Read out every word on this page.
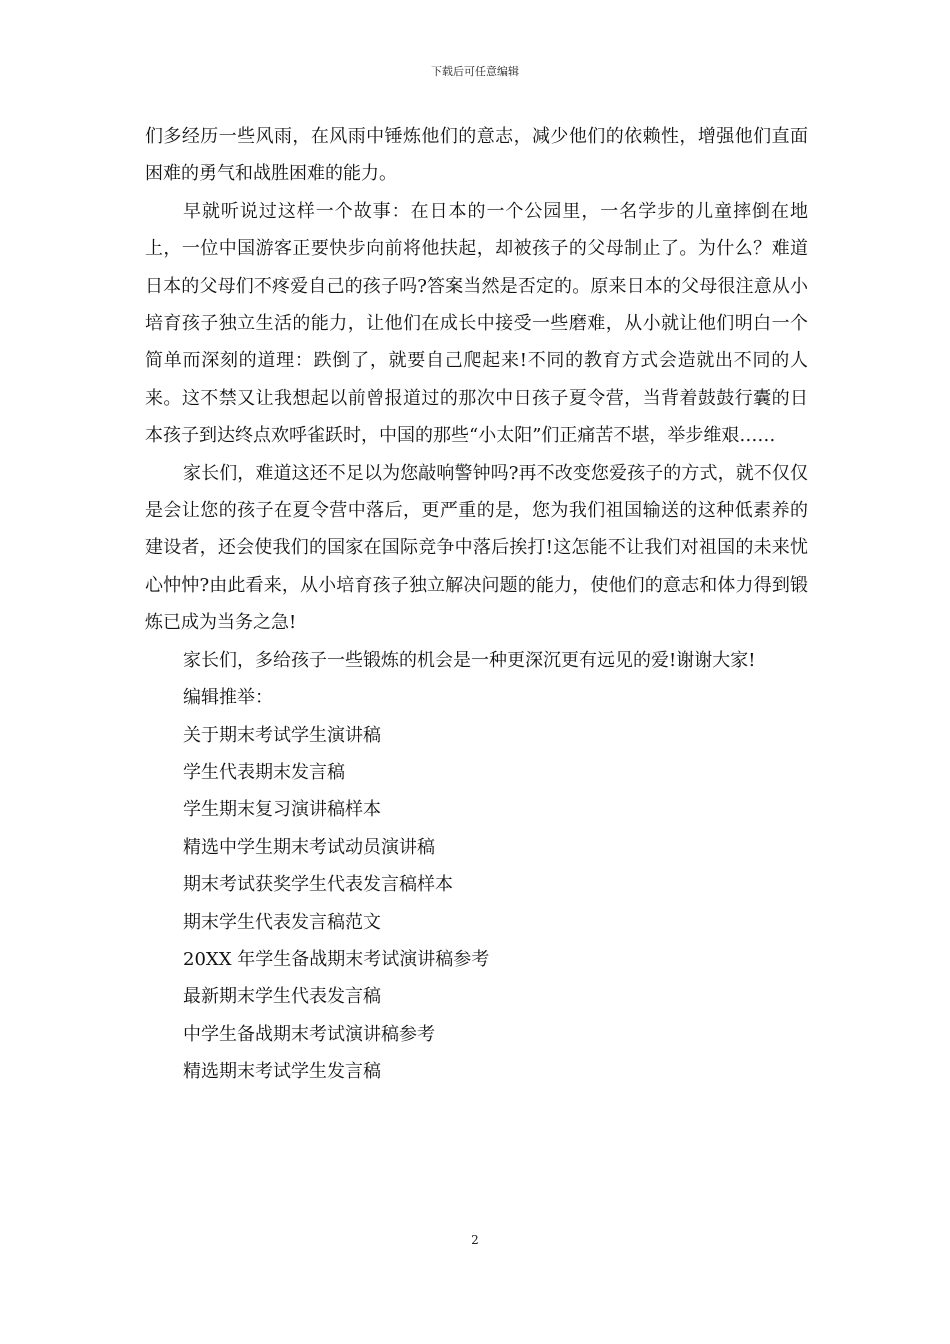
下载后可任意编辑

们多经历一些风雨，在风雨中锤炼他们的意志，减少他们的依赖性，增强他们直面困难的勇气和战胜困难的能力。

早就听说过这样一个故事：在日本的一个公园里，一名学步的儿童摔倒在地上，一位中国游客正要快步向前将他扶起，却被孩子的父母制止了。为什么？难道日本的父母们不疼爱自己的孩子吗?答案当然是否定的。原来日本的父母很注意从小培育孩子独立生活的能力，让他们在成长中接受一些磨难，从小就让他们明白一个简单而深刻的道理：跌倒了，就要自己爬起来!不同的教育方式会造就出不同的人来。这不禁又让我想起以前曾报道过的那次中日孩子夏令营，当背着鼓鼓行囊的日本孩子到达终点欢呼雀跃时，中国的那些“小太阳”们正痛苦不堪，举步维艰……

家长们，难道这还不足以为您敲响警钟吗?再不改变您爱孩子的方式，就不仅仅是会让您的孩子在夏令营中落后，更严重的是，您为我们祖国输送的这种低素养的建设者，还会使我们的国家在国际竞争中落后挨打!这怎能不让我们对祖国的未来忧心忡忡?由此看来，从小培育孩子独立解决问题的能力，使他们的意志和体力得到锻炼已成为当务之急!

家长们，多给孩子一些锻炼的机会是一种更深沉更有远见的爱!谢谢大家!

编辑推举：

关于期末考试学生演讲稿
学生代表期末发言稿
学生期末复习演讲稿样本
精选中学生期末考试动员演讲稿
期末考试获奖学生代表发言稿样本
期末学生代表发言稿范文
20XX 年学生备战期末考试演讲稿参考
最新期末学生代表发言稿
中学生备战期末考试演讲稿参考
精选期末考试学生发言稿
2
